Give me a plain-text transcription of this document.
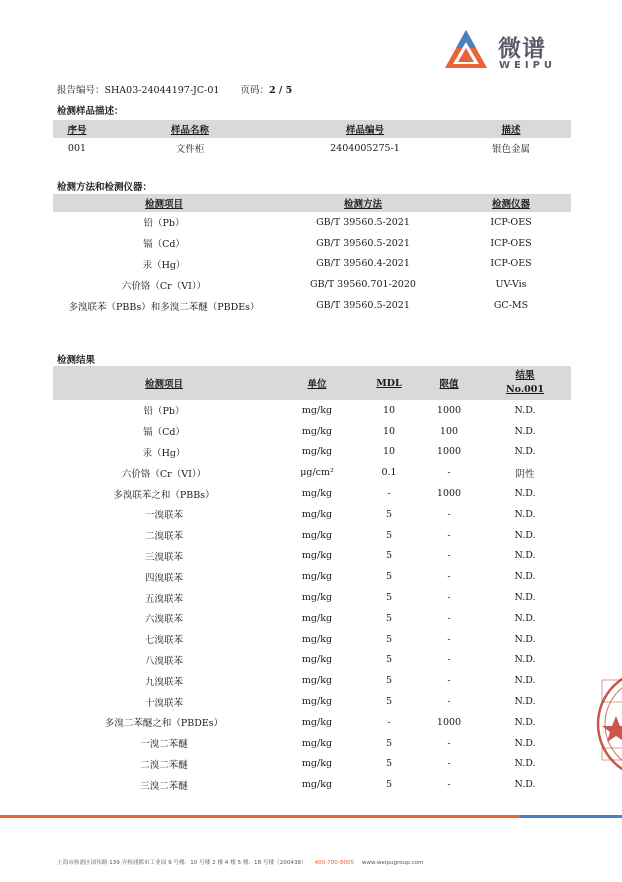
微谱
WEIPU
报告编号：SHA03-24044197-JC-01 页码：2 / 5
检测样品描述：
序号	样品名称	样品编号	描述
001	文件柜	2404005275-1	银色金属
检测方法和检测仪器：
检测项目	检测方法	检测仪器
铅（Pb）	GB/T 39560.5-2021	ICP-OES
镉（Cd）	GB/T 39560.5-2021	ICP-OES
汞（Hg）	GB/T 39560.4-2021	ICP-OES
六价铬（Cr（VI））	GB/T 39560.701-2020	UV-Vis
多溴联苯（PBBs）和多溴二苯醚（PBDEs）	GB/T 39560.5-2021	GC-MS
检测结果
检测项目	单位	MDL	限值	结果
No.001
铅（Pb）	mg/kg	10	1000	N.D.
镉（Cd）	mg/kg	10	100	N.D.
汞（Hg）	mg/kg	10	1000	N.D.
六价铬（Cr（VI））	μg/cm²	0.1	-	阴性
多溴联苯之和（PBBs）	mg/kg	-	1000	N.D.
一溴联苯	mg/kg	5	-	N.D.
二溴联苯	mg/kg	5	-	N.D.
三溴联苯	mg/kg	5	-	N.D.
四溴联苯	mg/kg	5	-	N.D.
五溴联苯	mg/kg	5	-	N.D.
六溴联苯	mg/kg	5	-	N.D.
七溴联苯	mg/kg	5	-	N.D.
八溴联苯	mg/kg	5	-	N.D.
九溴联苯	mg/kg	5	-	N.D.
十溴联苯	mg/kg	5	-	N.D.
多溴二苯醚之和（PBDEs）	mg/kg	-	1000	N.D.
一溴二苯醚	mg/kg	5	-	N.D.
二溴二苯醚	mg/kg	5	-	N.D.
三溴二苯醚	mg/kg	5	-	N.D.
上海市杨浦区国伟路 139 弄杨浦都市工业园 9 号楼、10 号楼 2 楼 4 楼 5 楼、18 号楼（200438） 400-700-8005 www.weipugroup.com
